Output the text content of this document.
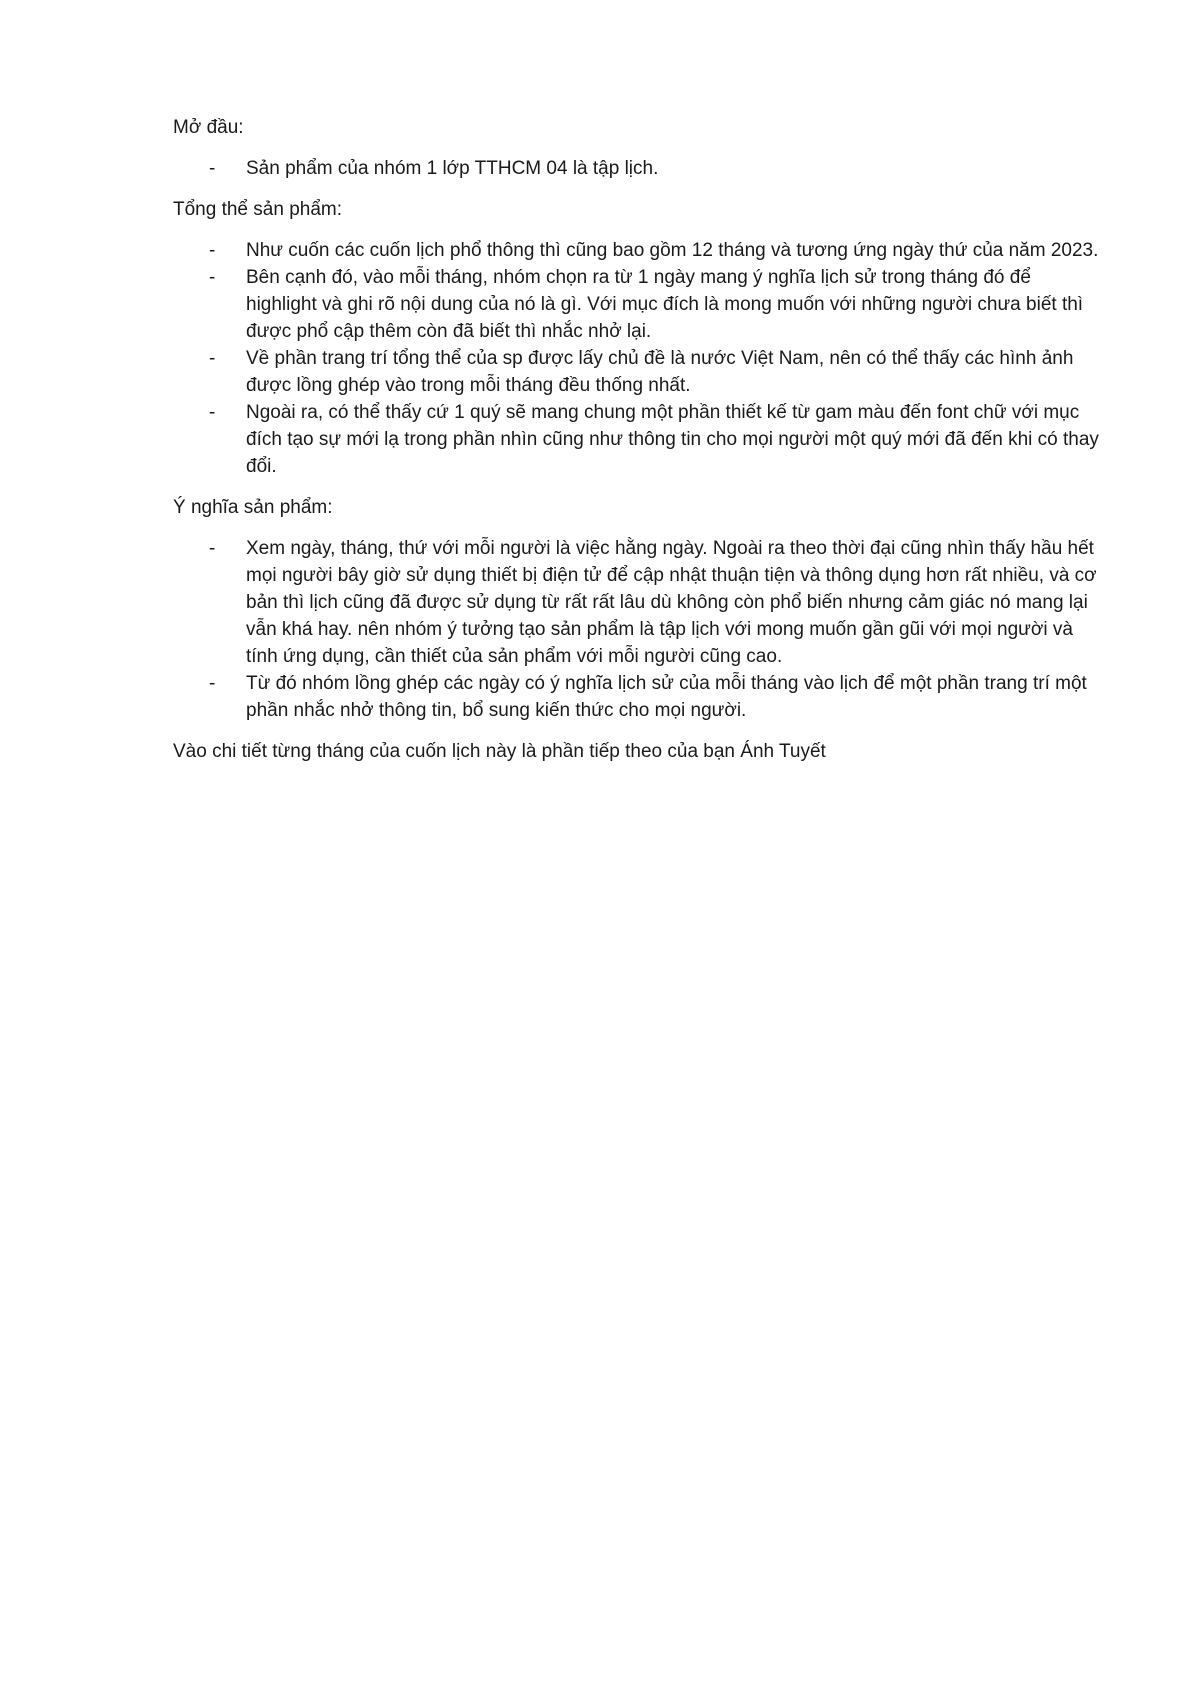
Mở đầu:

- Sản phẩm của nhóm 1 lớp TTHCM 04 là tập lịch.

Tổng thể sản phẩm:

- Như cuốn các cuốn lịch phổ thông thì cũng bao gồm 12 tháng và tương ứng ngày thứ của năm 2023.
- Bên cạnh đó, vào mỗi tháng, nhóm chọn ra từ 1 ngày mang ý nghĩa lịch sử trong tháng đó để highlight và ghi rõ nội dung của nó là gì. Với mục đích là mong muốn với những người chưa biết thì được phổ cập thêm còn đã biết thì nhắc nhở lại.
- Về phần trang trí tổng thể của sp được lấy chủ đề là nước Việt Nam, nên có thể thấy các hình ảnh được lồng ghép vào trong mỗi tháng đều thống nhất.
- Ngoài ra, có thể thấy cứ 1 quý sẽ mang chung một phần thiết kế từ gam màu đến font chữ với mục đích tạo sự mới lạ trong phần nhìn cũng như thông tin cho mọi người một quý mới đã đến khi có thay đổi.

Ý nghĩa sản phẩm:

- Xem ngày, tháng, thứ với mỗi người là việc hằng ngày. Ngoài ra theo thời đại cũng nhìn thấy hầu hết mọi người bây giờ sử dụng thiết bị điện tử để cập nhật thuận tiện và thông dụng hơn rất nhiều, và cơ bản thì lịch cũng đã được sử dụng từ rất rất lâu dù không còn phổ biến nhưng cảm giác nó mang lại vẫn khá hay. nên nhóm ý tưởng tạo sản phẩm là tập lịch với mong muốn gần gũi với mọi người và tính ứng dụng, cần thiết của sản phẩm với mỗi người cũng cao.
- Từ đó nhóm lồng ghép các ngày có ý nghĩa lịch sử của mỗi tháng vào lịch để một phần trang trí một phần nhắc nhở thông tin, bổ sung kiến thức cho mọi người.

Vào chi tiết từng tháng của cuốn lịch này là phần tiếp theo của bạn Ánh Tuyết
